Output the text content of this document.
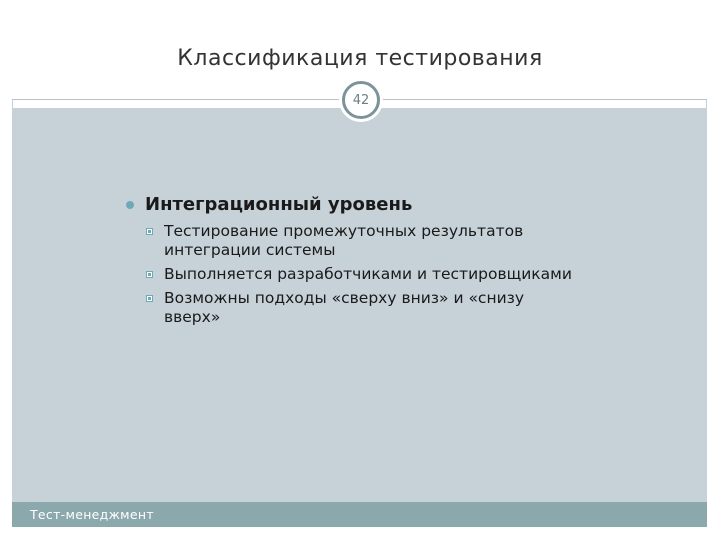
Классификация тестирования
42
Интеграционный уровень
Тестирование промежуточных результатов интеграции системы
Выполняется разработчиками и тестировщиками
Возможны подходы «сверху вниз» и «снизу вверх»
Тест-менеджмент
